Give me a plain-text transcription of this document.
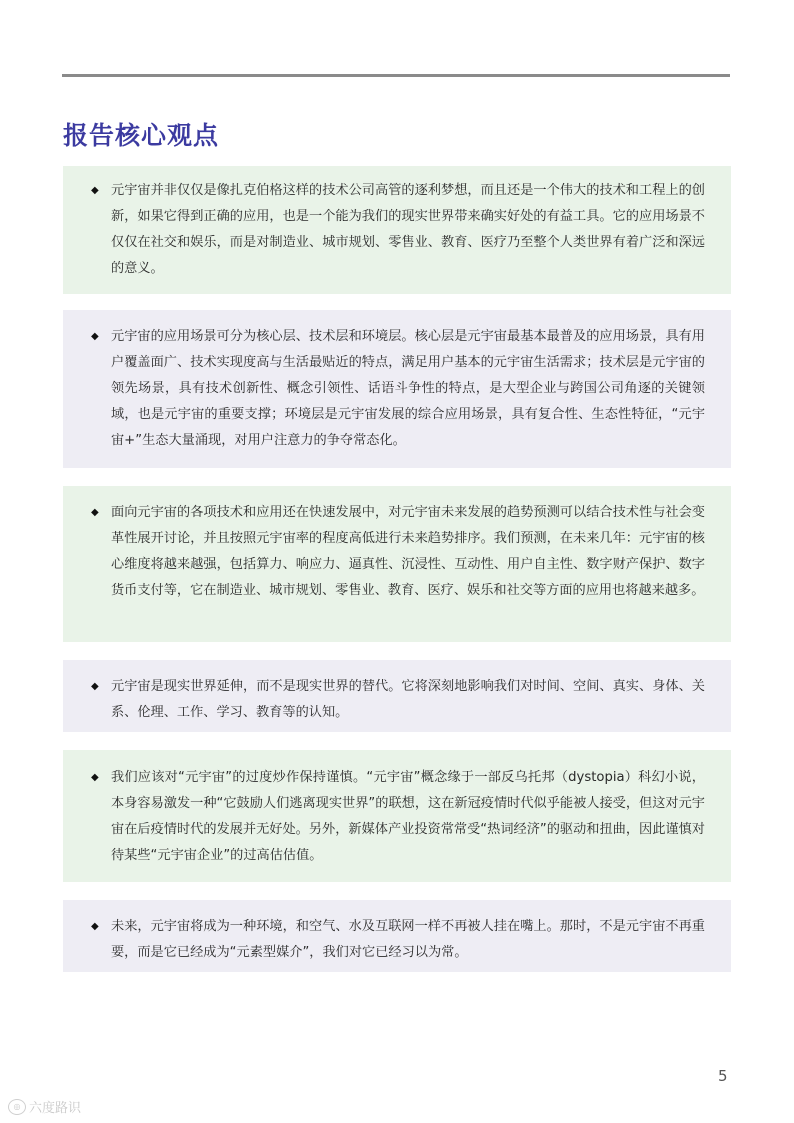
报告核心观点
◆ 元宇宙并非仅仅是像扎克伯格这样的技术公司高管的逐利梦想，而且还是一个伟大的技术和工程上的创新，如果它得到正确的应用，也是一个能为我们的现实世界带来确实好处的有益工具。它的应用场景不仅仅在社交和娱乐，而是对制造业、城市规划、零售业、教育、医疗乃至整个人类世界有着广泛和深远的意义。

◆ 元宇宙的应用场景可分为核心层、技术层和环境层。核心层是元宇宙最基本最普及的应用场景，具有用户覆盖面广、技术实现度高与生活最贴近的特点，满足用户基本的元宇宙生活需求；技术层是元宇宙的领先场景，具有技术创新性、概念引领性、话语斗争性的特点，是大型企业与跨国公司角逐的关键领域，也是元宇宙的重要支撑；环境层是元宇宙发展的综合应用场景，具有复合性、生态性特征，“元宇宙+”生态大量涌现，对用户注意力的争夺常态化。

◆ 面向元宇宙的各项技术和应用还在快速发展中，对元宇宙未来发展的趋势预测可以结合技术性与社会变革性展开讨论，并且按照元宇宙率的程度高低进行未来趋势排序。我们预测，在未来几年：元宇宙的核心维度将越来越强，包括算力、响应力、逼真性、沉浸性、互动性、用户自主性、数字财产保护、数字货币支付等，它在制造业、城市规划、零售业、教育、医疗、娱乐和社交等方面的应用也将越来越多。

◆ 元宇宙是现实世界延伸，而不是现实世界的替代。它将深刻地影响我们对时间、空间、真实、身体、关系、伦理、工作、学习、教育等的认知。

◆ 我们应该对“元宇宙”的过度炒作保持谨慎。“元宇宙”概念缘于一部反乌托邦（dystopia）科幻小说，本身容易激发一种“它鼓励人们逃离现实世界”的联想，这在新冠疫情时代似乎能被人接受，但这对元宇宙在后疫情时代的发展并无好处。另外，新媒体产业投资常常受“热词经济”的驱动和扭曲，因此谨慎对待某些“元宇宙企业”的过高估估值。

◆ 未来，元宇宙将成为一种环境，和空气、水及互联网一样不再被人挂在嘴上。那时，不是元宇宙不再重要，而是它已经成为“元素型媒介”，我们对它已经习以为常。

5
◎ 六度路识
